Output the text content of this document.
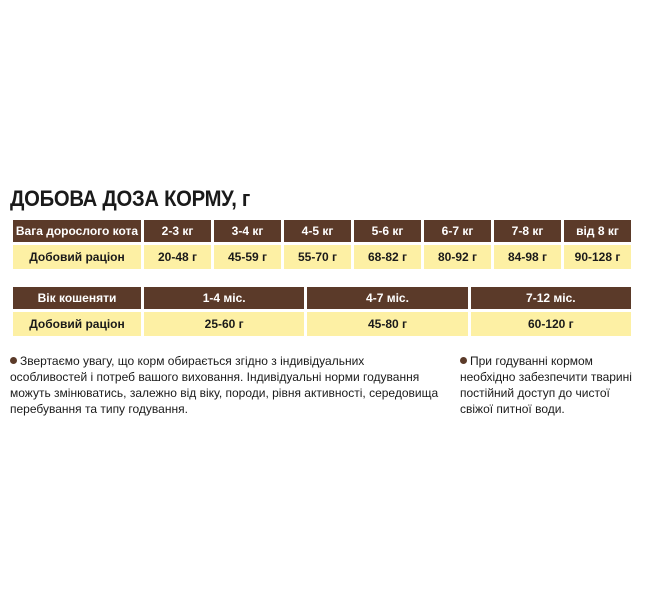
ДОБОВА ДОЗА КОРМУ, г
Вага дорослого кота	2-3 кг	3-4 кг	4-5 кг	5-6 кг	6-7 кг	7-8 кг	від 8 кг
Добовий раціон	20-48 г	45-59 г	55-70 г	68-82 г	80-92 г	84-98 г	90-128 г
Вік кошеняти	1-4 міс.	4-7 міс.	7-12 міс.
Добовий раціон	25-60 г	45-80 г	60-120 г
Звертаємо увагу, що корм обирається згідно з індивідуальних особливостей і потреб вашого виховання. Індивідуальні норми годування можуть змінюватись, залежно від віку, породи, рівня активності, середовища перебування та типу годування.
При годуванні кормом необхідно забезпечити тварині постійний доступ до чистої свіжої питної води.
